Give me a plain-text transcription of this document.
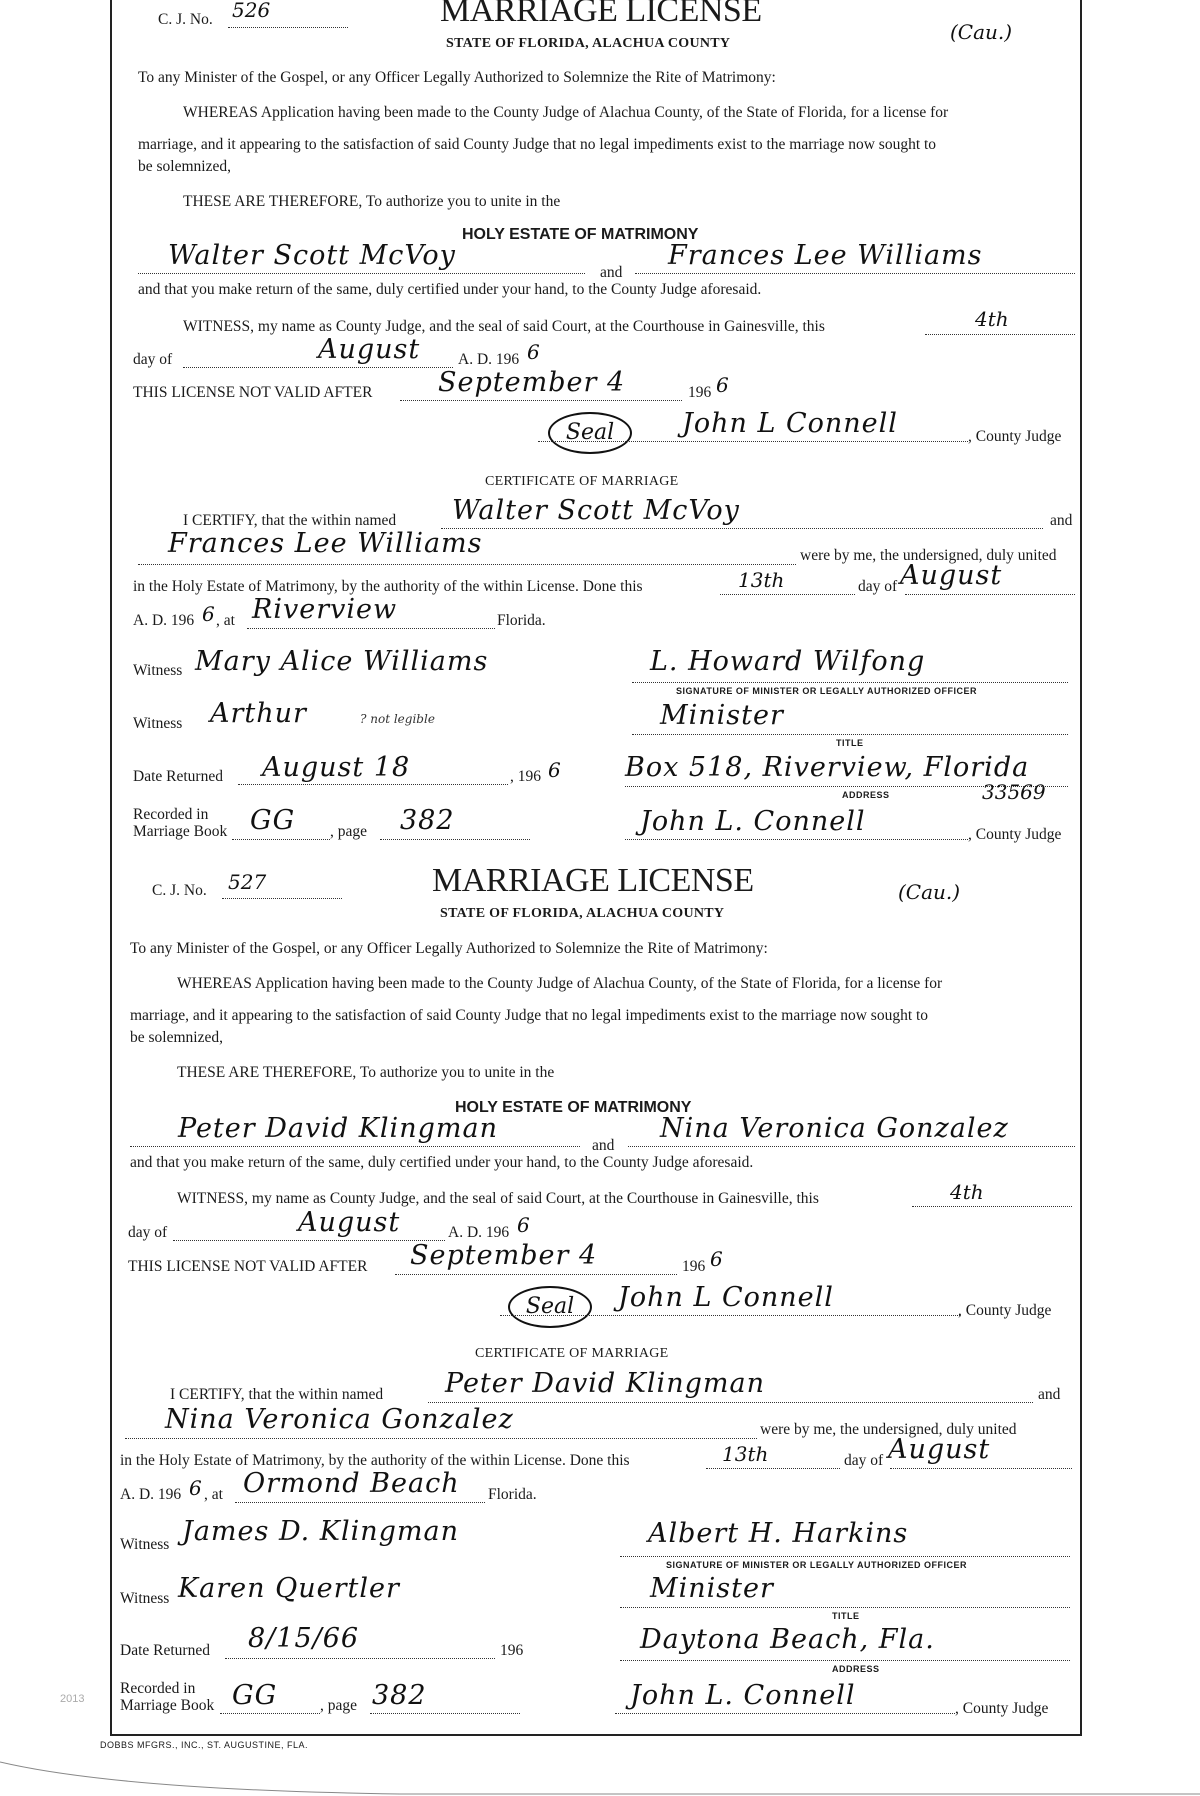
C. J. No. 526	MARRIAGE LICENSE
STATE OF FLORIDA, ALACHUA COUNTY	(Cau.)
To any Minister of the Gospel, or any Officer Legally Authorized to Solemnize the Rite of Matrimony:
WHEREAS Application having been made to the County Judge of Alachua County, of the State of Florida, for a license for
marriage, and it appearing to the satisfaction of said County Judge that no legal impediments exist to the marriage now sought to
be solemnized,
THESE ARE THEREFORE, To authorize you to unite in the
HOLY ESTATE OF MATRIMONY
Walter Scott McVoy
and
Frances Lee Williams
and that you make return of the same, duly certified under your hand, to the County Judge aforesaid.
WITNESS, my name as County Judge, and the seal of said Court, at the Courthouse in Gainesville, this	4th
day of	August A. D. 196 6
THIS LICENSE NOT VALID AFTER September 4	196 6
Seal	John L Connell	, County Judge
CERTIFICATE OF MARRIAGE
I CERTIFY, that the within named Walter Scott McVoy	and
Frances Lee Williams	were by me, the undersigned, duly united
in the Holy Estate of Matrimony, by the authority of the within License. Done this	13th	day of August
A. D. 196 6 , at Riverview	Florida.
Witness Mary Alice Williams	L. Howard Wilfong
SIGNATURE OF MINISTER OR LEGALLY AUTHORIZED OFFICER
Witness Arthur	? not legible	Minister
TITLE
Date Returned August 18	, 196 6 Box 518, Riverview, Florida
ADDRESS	33569
Recorded in
Marriage Book GG , page 382	John L. Connell	, County Judge
C. J. No. 527	MARRIAGE LICENSE
STATE OF FLORIDA, ALACHUA COUNTY
(Cau.)
To any Minister of the Gospel, or any Officer Legally Authorized to Solemnize the Rite of Matrimony:
WHEREAS Application having been made to the County Judge of Alachua County, of the State of Florida, for a license for
marriage, and it appearing to the satisfaction of said County Judge that no legal impediments exist to the marriage now sought to
be solemnized,
THESE ARE THEREFORE, To authorize you to unite in the
HOLY ESTATE OF MATRIMONY
Peter David Klingman
and
Nina Veronica Gonzalez
and that you make return of the same, duly certified under your hand, to the County Judge aforesaid.
WITNESS, my name as County Judge, and the seal of said Court, at the Courthouse in Gainesville, this	4th
day of	August	A. D. 196 6
THIS LICENSE NOT VALID AFTER September 4	196 6
Seal	John L Connell	, County Judge
CERTIFICATE OF MARRIAGE
I CERTIFY, that the within named Peter David Klingman	and
Nina Veronica Gonzalez	were by me, the undersigned, duly united
in the Holy Estate of Matrimony, by the authority of the within License. Done this	13th	day of August
A. D. 196 6 , at Ormond Beach Florida.
Witness James D. Klingman	Albert H. Harkins
SIGNATURE OF MINISTER OR LEGALLY AUTHORIZED OFFICER
Witness Karen Quertler	Minister
TITLE
Date Returned 8/15/66	196	Daytona Beach, Fla.
ADDRESS
Recorded in
Marriage Book GG	, page 382	John L. Connell	, County Judge
2013
DOBBS MFGRS., INC., ST. AUGUSTINE, FLA.
